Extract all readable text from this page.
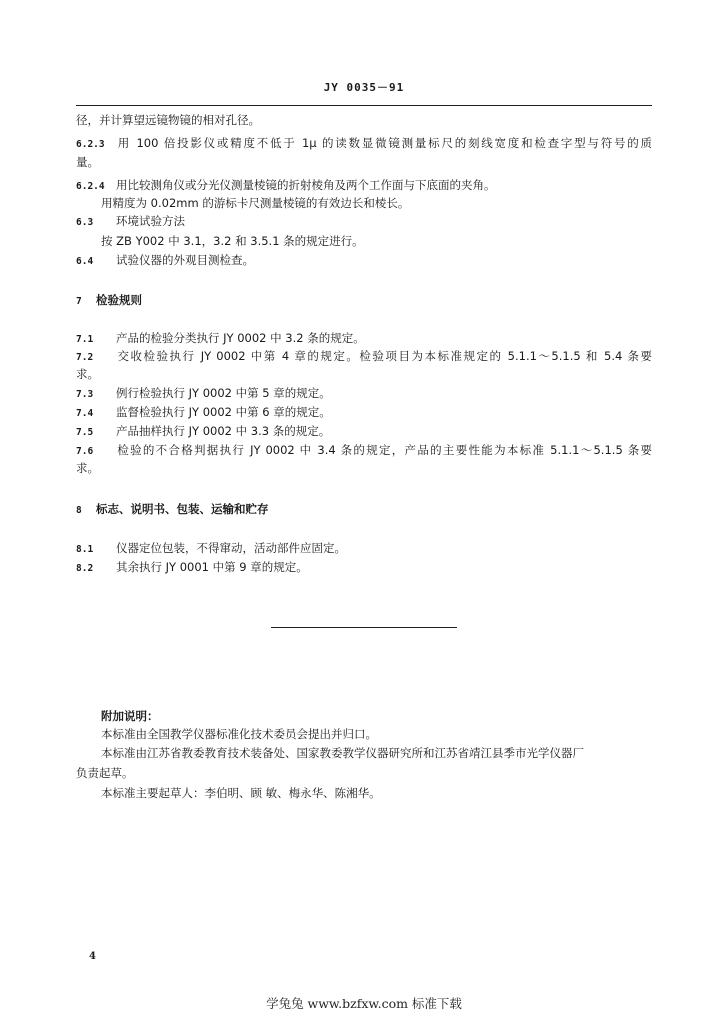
JY 0035－91
径，并计算望远镜物镜的相对孔径。
6.2.3 用 100 倍投影仪或精度不低于 1μ 的读数显微镜测量标尺的刻线宽度和检查字型与符号的质
量。
6.2.4 用比较测角仪或分光仪测量棱镜的折射棱角及两个工作面与下底面的夹角。
用精度为 0.02mm 的游标卡尺测量棱镜的有效边长和棱长。
6.3 环境试验方法
按 ZB Y002 中 3.1，3.2 和 3.5.1 条的规定进行。
6.4 试验仪器的外观目测检查。
7 检验规则
7.1 产品的检验分类执行 JY 0002 中 3.2 条的规定。
7.2 交收检验执行 JY 0002 中第 4 章的规定。检验项目为本标准规定的 5.1.1～5.1.5 和 5.4 条要
求。
7.3 例行检验执行 JY 0002 中第 5 章的规定。
7.4 监督检验执行 JY 0002 中第 6 章的规定。
7.5 产品抽样执行 JY 0002 中 3.3 条的规定。
7.6 检验的不合格判据执行 JY 0002 中 3.4 条的规定，产品的主要性能为本标准 5.1.1～5.1.5 条要
求。
8 标志、说明书、包装、运输和贮存
8.1 仪器定位包装，不得窜动，活动部件应固定。
8.2 其余执行 JY 0001 中第 9 章的规定。
附加说明：
本标准由全国教学仪器标准化技术委员会提出并归口。
本标准由江苏省教委教育技术装备处、国家教委教学仪器研究所和江苏省靖江县季市光学仪器厂
负责起草。
本标准主要起草人：李伯明、顾 敏、梅永华、陈湘华。
4
学兔兔 www.bzfxw.com 标准下载
